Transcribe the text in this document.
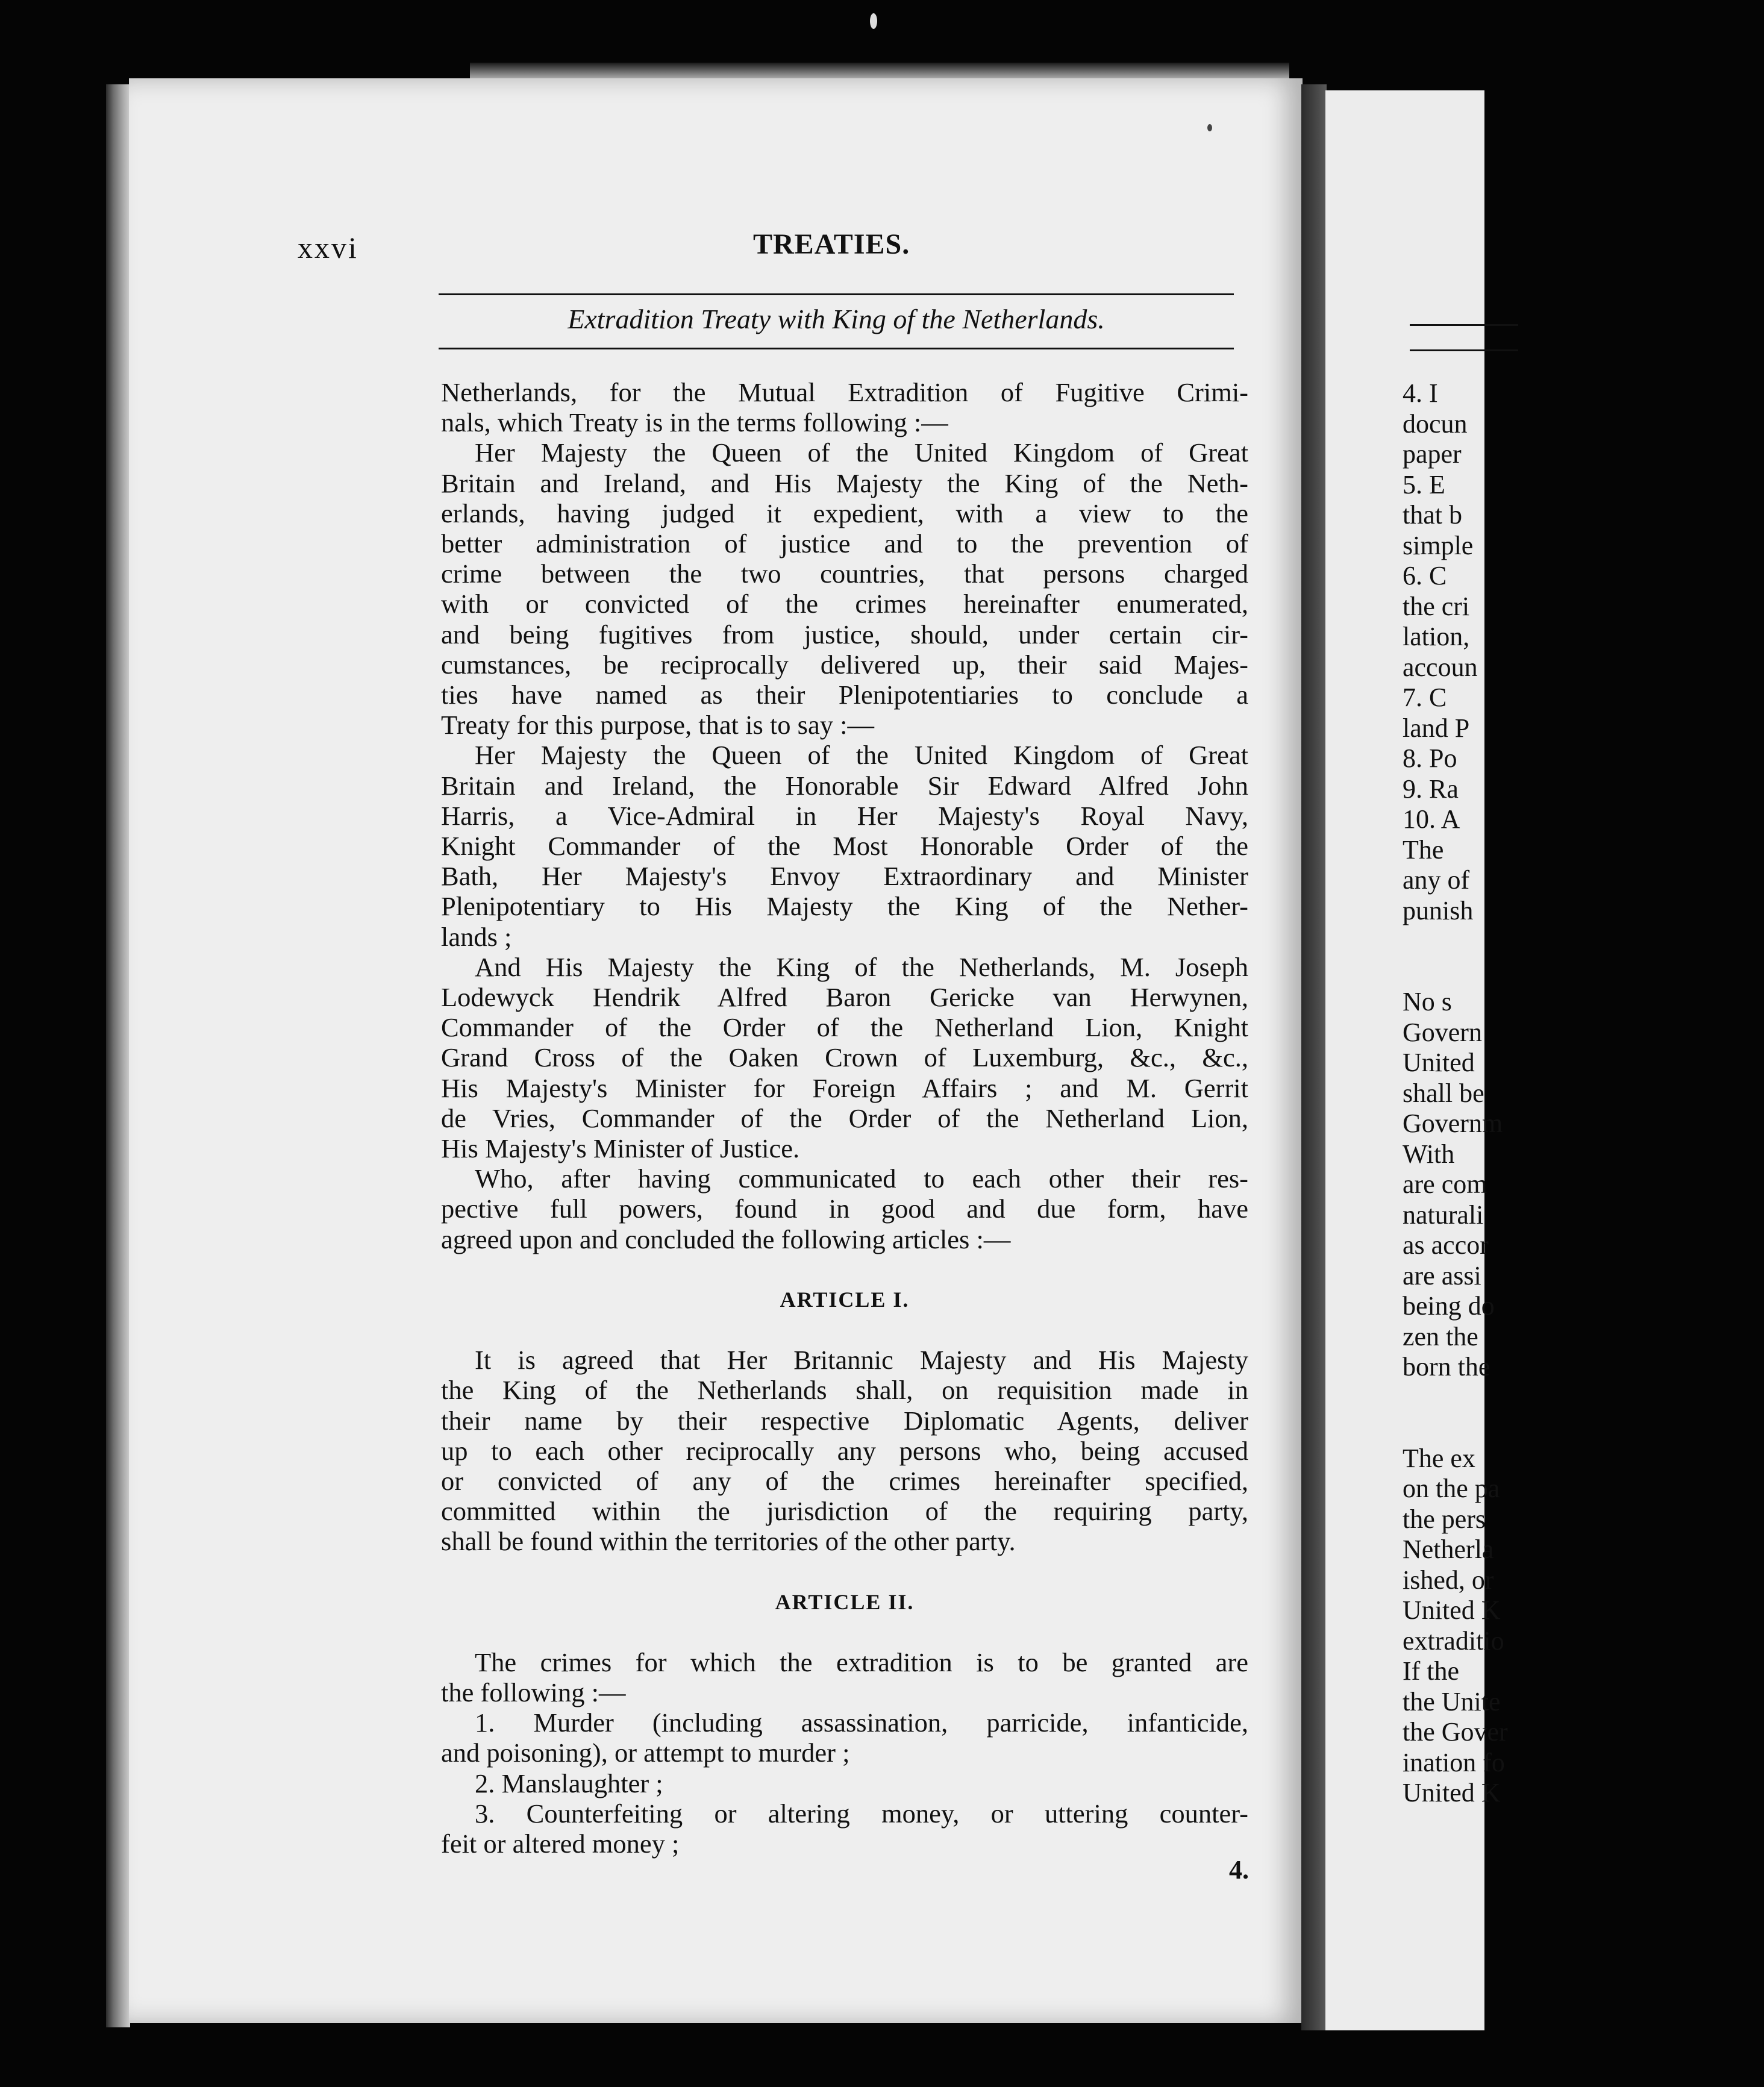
4. I
docun
paper
5. E
that b
simple
6. C
the cri
lation,
accoun
7. C
land P
8. Po
9. Ra
10. A
The
any of
punish
No s
Govern
United
shall be
Governm
With
are com
naturali
as accor
are assi
being do
zen the
born the
The ex
on the pa
the pers
Netherla
ished, or
United K
extraditio
If the
the Unite
the Gover
ination fo
United K
xxvi	TREATIES.
Extradition Treaty with King of the Netherlands.
Netherlands, for the Mutual Extradition of Fugitive Crimi-
nals, which Treaty is in the terms following :—
Her Majesty the Queen of the United Kingdom of Great
Britain and Ireland, and His Majesty the King of the Neth-
erlands, having judged it expedient, with a view to the
better administration of justice and to the prevention of
crime between the two countries, that persons charged
with or convicted of the crimes hereinafter enumerated,
and being fugitives from justice, should, under certain cir-
cumstances, be reciprocally delivered up, their said Majes-
ties have named as their Plenipotentiaries to conclude a
Treaty for this purpose, that is to say :—
Her Majesty the Queen of the United Kingdom of Great
Britain and Ireland, the Honorable Sir Edward Alfred John
Harris, a Vice-Admiral in Her Majesty's Royal Navy,
Knight Commander of the Most Honorable Order of the
Bath, Her Majesty's Envoy Extraordinary and Minister
Plenipotentiary to His Majesty the King of the Nether-
lands ;
And His Majesty the King of the Netherlands, M. Joseph
Lodewyck Hendrik Alfred Baron Gericke van Herwynen,
Commander of the Order of the Netherland Lion, Knight
Grand Cross of the Oaken Crown of Luxemburg, &c., &c.,
His Majesty's Minister for Foreign Affairs ; and M. Gerrit
de Vries, Commander of the Order of the Netherland Lion,
His Majesty's Minister of Justice.
Who, after having communicated to each other their res-
pective full powers, found in good and due form, have
agreed upon and concluded the following articles :—
ARTICLE I.
It is agreed that Her Britannic Majesty and His Majesty
the King of the Netherlands shall, on requisition made in
their name by their respective Diplomatic Agents, deliver
up to each other reciprocally any persons who, being accused
or convicted of any of the crimes hereinafter specified,
committed within the jurisdiction of the requiring party,
shall be found within the territories of the other party.
ARTICLE II.
The crimes for which the extradition is to be granted are
the following :—
1. Murder (including assassination, parricide, infanticide,
and poisoning), or attempt to murder ;
2. Manslaughter ;
3. Counterfeiting or altering money, or uttering counter-
feit or altered money ;
4.
